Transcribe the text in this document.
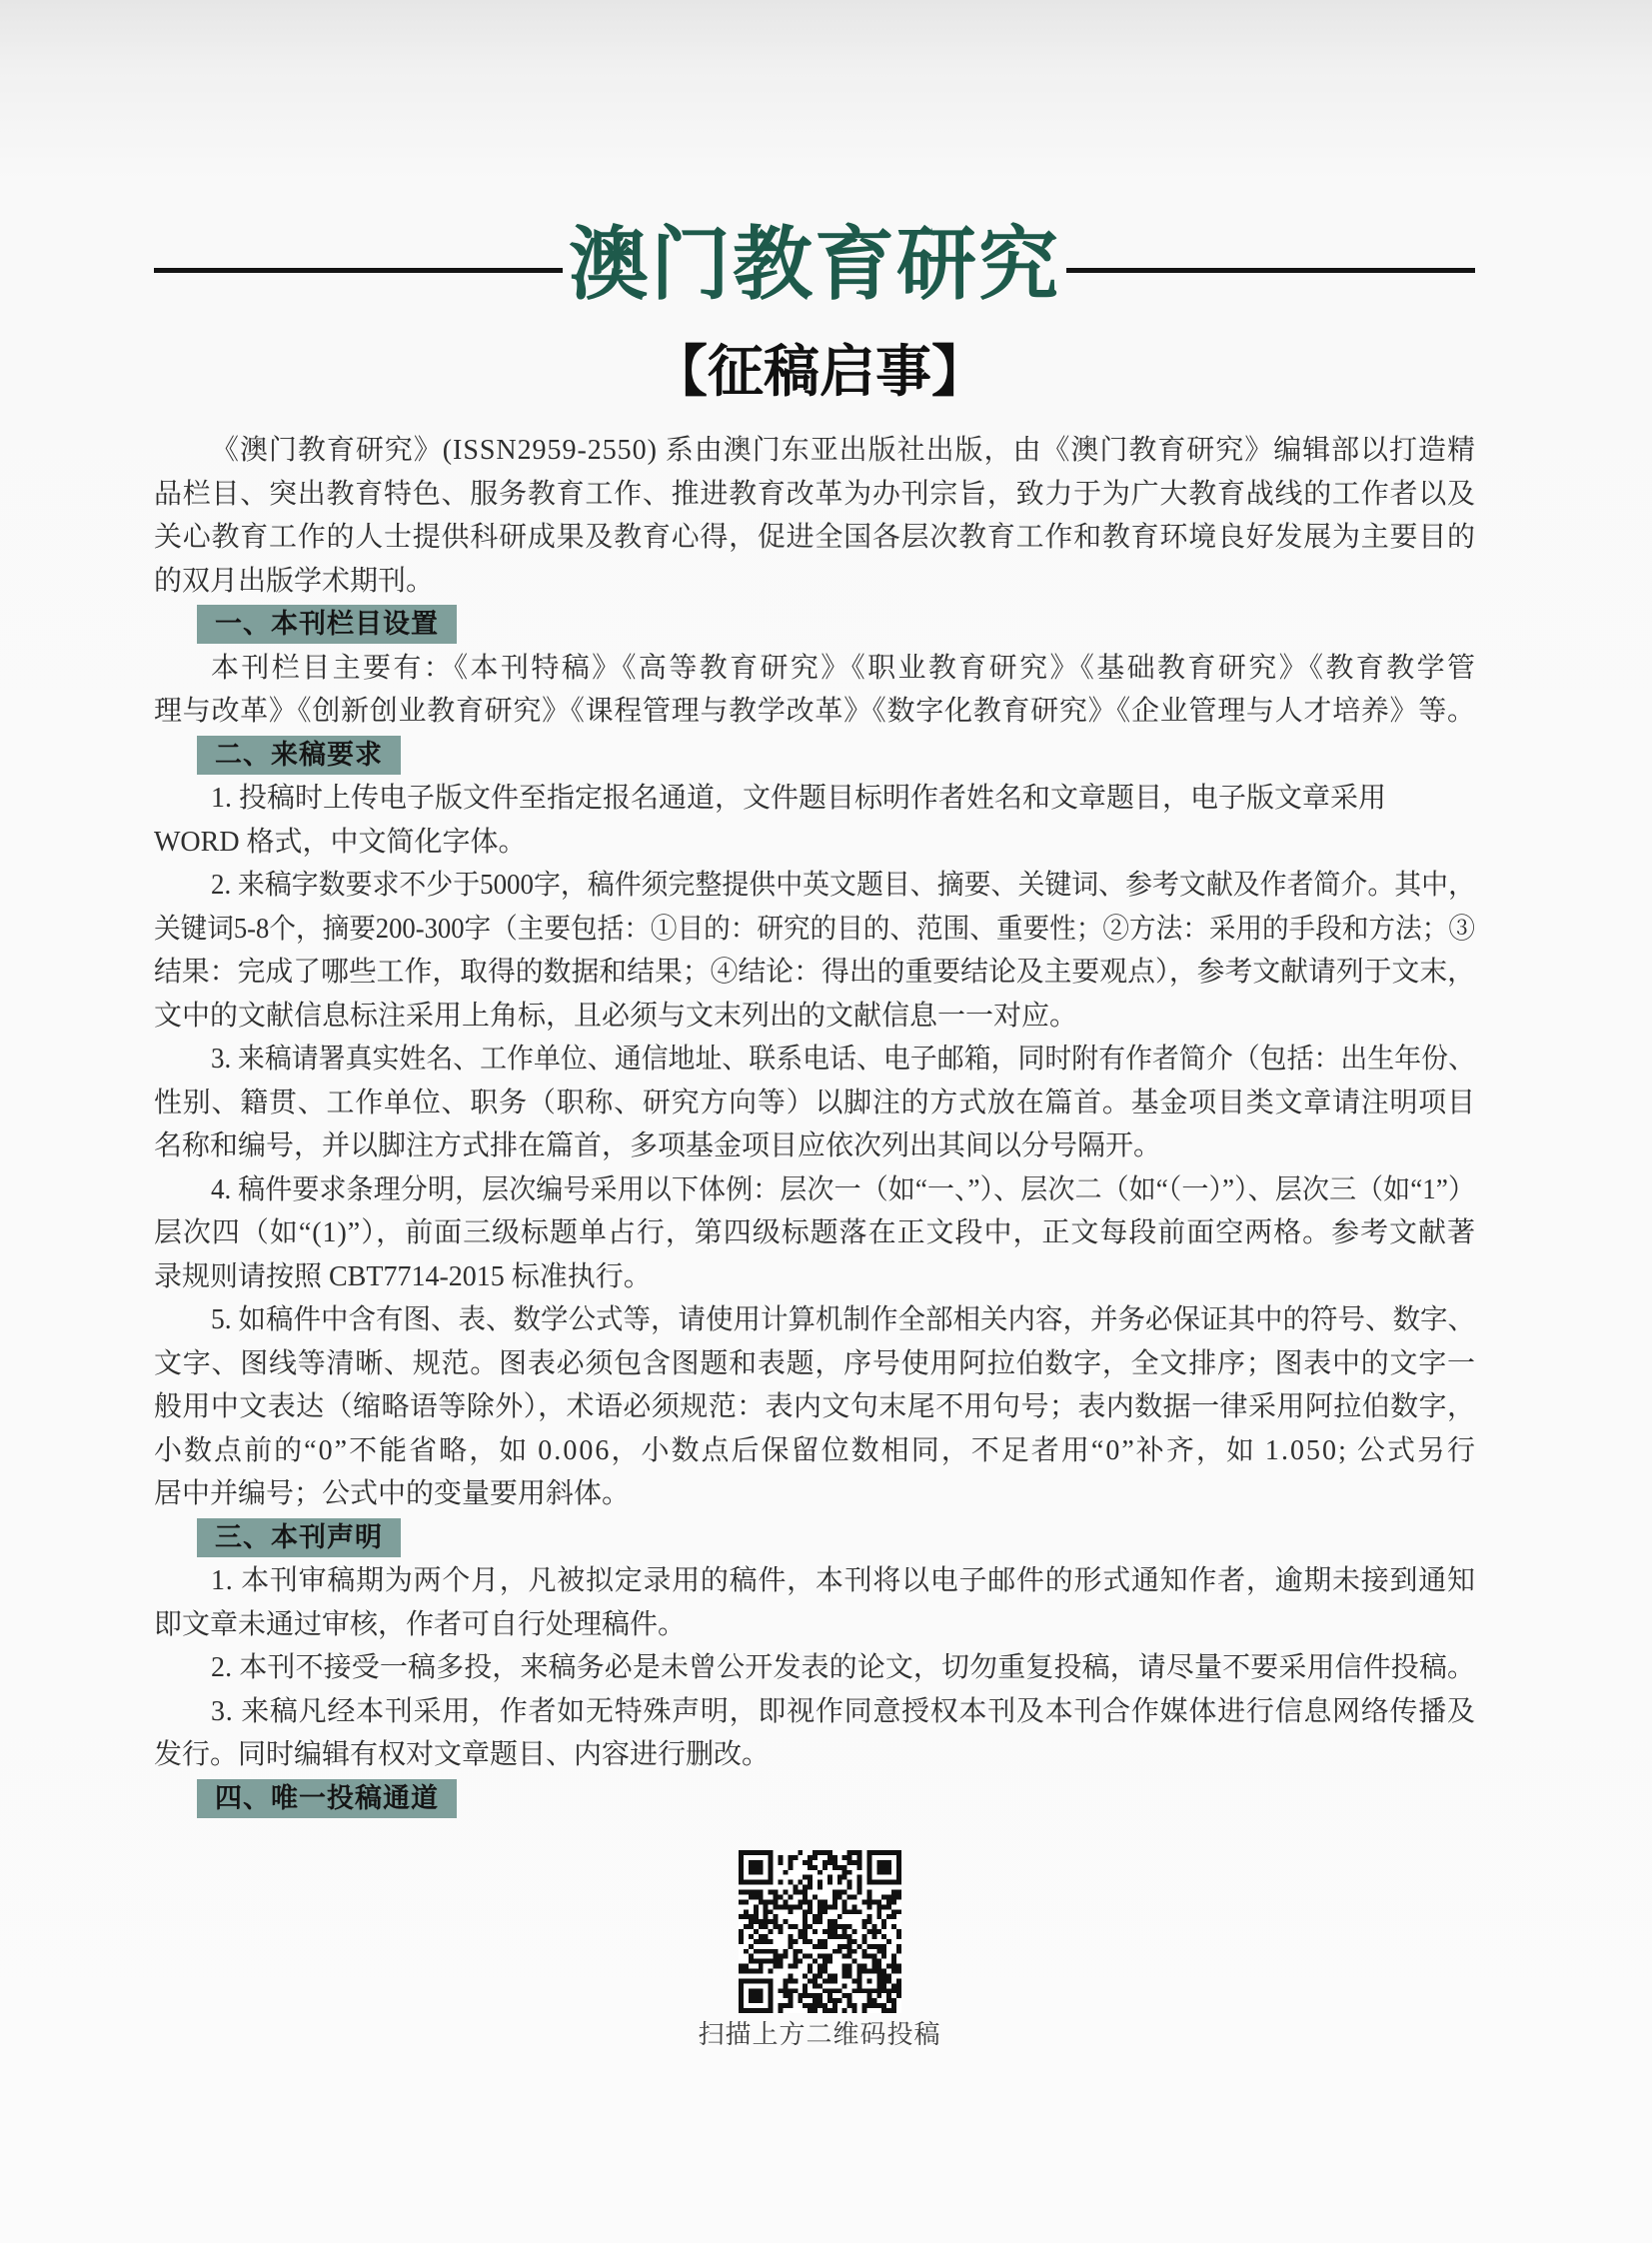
澳门教育研究
【征稿启事】
《澳门教育研究》(ISSN2959-2550) 系由澳门东亚出版社出版，由《澳门教育研究》编辑部以打造精
品栏目、突出教育特色、服务教育工作、推进教育改革为办刊宗旨，致力于为广大教育战线的工作者以及
关心教育工作的人士提供科研成果及教育心得，促进全国各层次教育工作和教育环境良好发展为主要目的
的双月出版学术期刊。
一、本刊栏目设置
本刊栏目主要有：《本刊特稿》《高等教育研究》《职业教育研究》《基础教育研究》《教育教学管
理与改革》《创新创业教育研究》《课程管理与教学改革》《数字化教育研究》《企业管理与人才培养》等。
二、来稿要求
1. 投稿时上传电子版文件至指定报名通道，文件题目标明作者姓名和文章题目，电子版文章采用
WORD 格式，中文简化字体。
2. 来稿字数要求不少于5000字，稿件须完整提供中英文题目、摘要、关键词、参考文献及作者简介。其中，
关键词5-8个，摘要200-300字（主要包括：①目的：研究的目的、范围、重要性；②方法：采用的手段和方法；③
结果：完成了哪些工作，取得的数据和结果；④结论：得出的重要结论及主要观点），参考文献请列于文末，
文中的文献信息标注采用上角标，且必须与文末列出的文献信息一一对应。
3. 来稿请署真实姓名、工作单位、通信地址、联系电话、电子邮箱，同时附有作者简介（包括：出生年份、
性别、籍贯、工作单位、职务（职称、研究方向等）以脚注的方式放在篇首。基金项目类文章请注明项目
名称和编号，并以脚注方式排在篇首，多项基金项目应依次列出其间以分号隔开。
4. 稿件要求条理分明，层次编号采用以下体例：层次一（如“一、”）、层次二（如“（一）”）、层次三（如“1”）
层次四（如“(1)”），前面三级标题单占行，第四级标题落在正文段中，正文每段前面空两格。参考文献著
录规则请按照 CBT7714-2015 标准执行。
5. 如稿件中含有图、表、数学公式等，请使用计算机制作全部相关内容，并务必保证其中的符号、数字、
文字、图线等清晰、规范。图表必须包含图题和表题，序号使用阿拉伯数字，全文排序；图表中的文字一
般用中文表达（缩略语等除外），术语必须规范：表内文句末尾不用句号；表内数据一律采用阿拉伯数字，
小数点前的“0”不能省略，如 0.006，小数点后保留位数相同，不足者用“0”补齐，如 1.050; 公式另行
居中并编号；公式中的变量要用斜体。
三、本刊声明
1. 本刊审稿期为两个月，凡被拟定录用的稿件，本刊将以电子邮件的形式通知作者，逾期未接到通知
即文章未通过审核，作者可自行处理稿件。
2. 本刊不接受一稿多投，来稿务必是未曾公开发表的论文，切勿重复投稿，请尽量不要采用信件投稿。
3. 来稿凡经本刊采用，作者如无特殊声明，即视作同意授权本刊及本刊合作媒体进行信息网络传播及
发行。同时编辑有权对文章题目、内容进行删改。
四、唯一投稿通道
扫描上方二维码投稿
